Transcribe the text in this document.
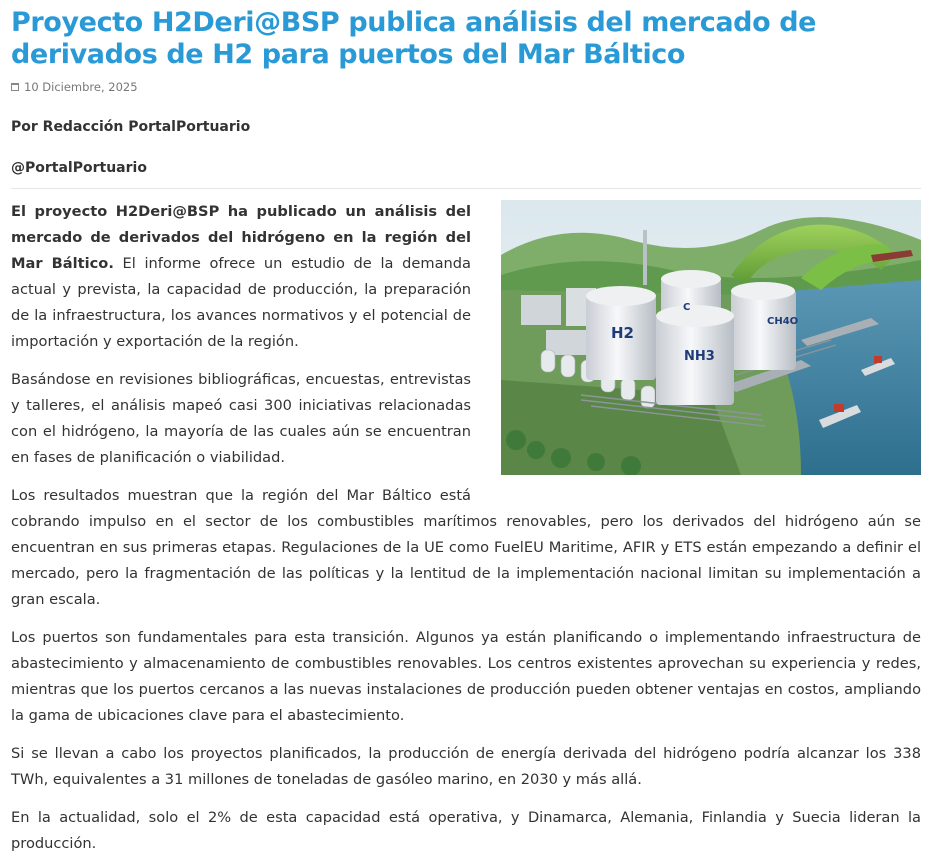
Proyecto H2Deri@BSP publica análisis del mercado de derivados de H2 para puertos del Mar Báltico
10 Diciembre, 2025
Por Redacción PortalPortuario
@PortalPortuario
H2
NH3
CH4O
C

El proyecto H2Deri@BSP ha publicado un análisis del mercado de derivados del hidrógeno en la región del Mar Báltico. El informe ofrece un estudio de la demanda actual y prevista, la capacidad de producción, la preparación de la infraestructura, los avances normativos y el potencial de importación y exportación de la región.

Basándose en revisiones bibliográficas, encuestas, entrevistas y talleres, el análisis mapeó casi 300 iniciativas relacionadas con el hidrógeno, la mayoría de las cuales aún se encuentran en fases de planificación o viabilidad.

Los resultados muestran que la región del Mar Báltico está cobrando impulso en el sector de los combustibles marítimos renovables, pero los derivados del hidrógeno aún se encuentran en sus primeras etapas. Regulaciones de la UE como FuelEU Maritime, AFIR y ETS están empezando a definir el mercado, pero la fragmentación de las políticas y la lentitud de la implementación nacional limitan su implementación a gran escala.

Los puertos son fundamentales para esta transición. Algunos ya están planificando o implementando infraestructura de abastecimiento y almacenamiento de combustibles renovables. Los centros existentes aprovechan su experiencia y redes, mientras que los puertos cercanos a las nuevas instalaciones de producción pueden obtener ventajas en costos, ampliando la gama de ubicaciones clave para el abastecimiento.

Si se llevan a cabo los proyectos planificados, la producción de energía derivada del hidrógeno podría alcanzar los 338 TWh, equivalentes a 31 millones de toneladas de gasóleo marino, en 2030 y más allá.

En la actualidad, solo el 2% de esta capacidad está operativa, y Dinamarca, Alemania, Finlandia y Suecia lideran la producción.
